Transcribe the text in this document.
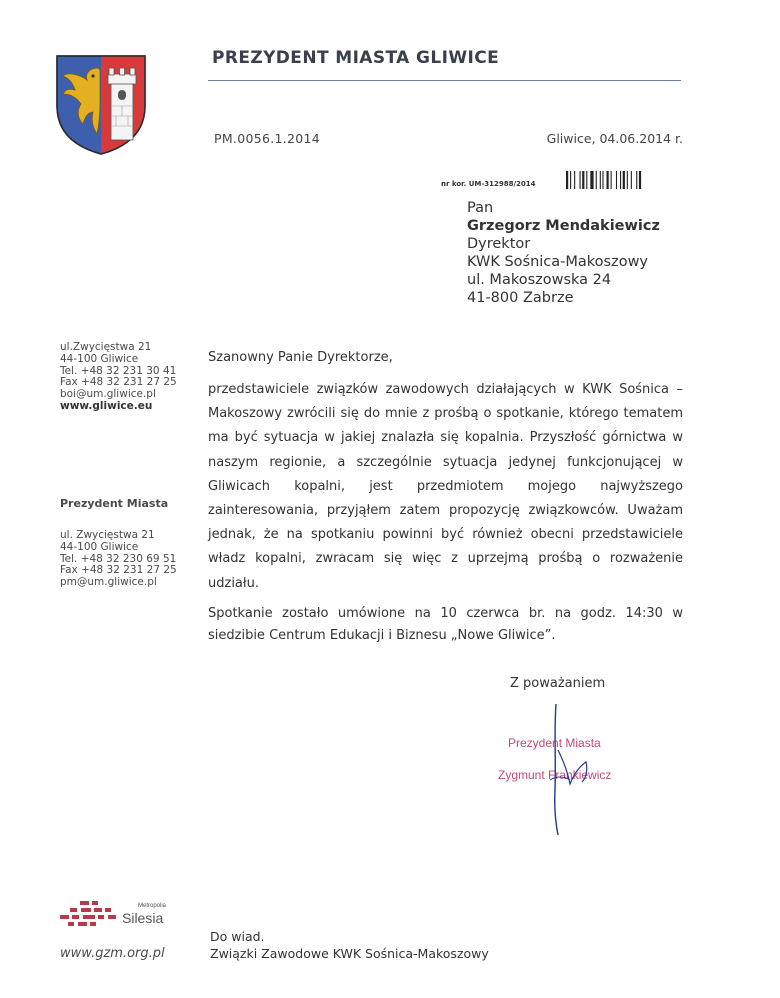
PREZYDENT MIASTA GLIWICE
PM.0056.1.2014	Gliwice, 04.06.2014 r.
nr kor. UM-312988/2014
Pan
Grzegorz Mendakiewicz
Dyrektor
KWK Sośnica-Makoszowy
ul. Makoszowska 24
41-800 Zabrze
ul.Zwycięstwa 21
44-100 Gliwice
Tel. +48 32 231 30 41
Fax +48 32 231 27 25
boi@um.gliwice.pl
www.gliwice.eu
Prezydent Miasta
ul. Zwycięstwa 21
44-100 Gliwice
Tel. +48 32 230 69 51
Fax +48 32 231 27 25
pm@um.gliwice.pl
Szanowny Panie Dyrektorze,
przedstawiciele związków zawodowych działających w KWK Sośnica – Makoszowy zwrócili się do mnie z prośbą o spotkanie, którego tematem ma być sytuacja w jakiej znalazła się kopalnia. Przyszłość górnictwa w naszym regionie, a szczególnie sytuacja jedynej funkcjonującej w Gliwicach kopalni, jest przedmiotem mojego najwyższego zainteresowania, przyjąłem zatem propozycję związkowców. Uważam jednak, że na spotkaniu powinni być również obecni przedstawiciele władz kopalni, zwracam się więc z uprzejmą prośbą o rozważenie udziału.
Spotkanie zostało umówione na 10 czerwca br. na godz. 14:30 w siedzibie Centrum Edukacji i Biznesu „Nowe Gliwice”.
Z poważaniem
Prezydent Miasta
Zygmunt Frankiewicz
Metropolia
Silesia
www.gzm.org.pl
Do wiad.
Związki Zawodowe KWK Sośnica-Makoszowy
